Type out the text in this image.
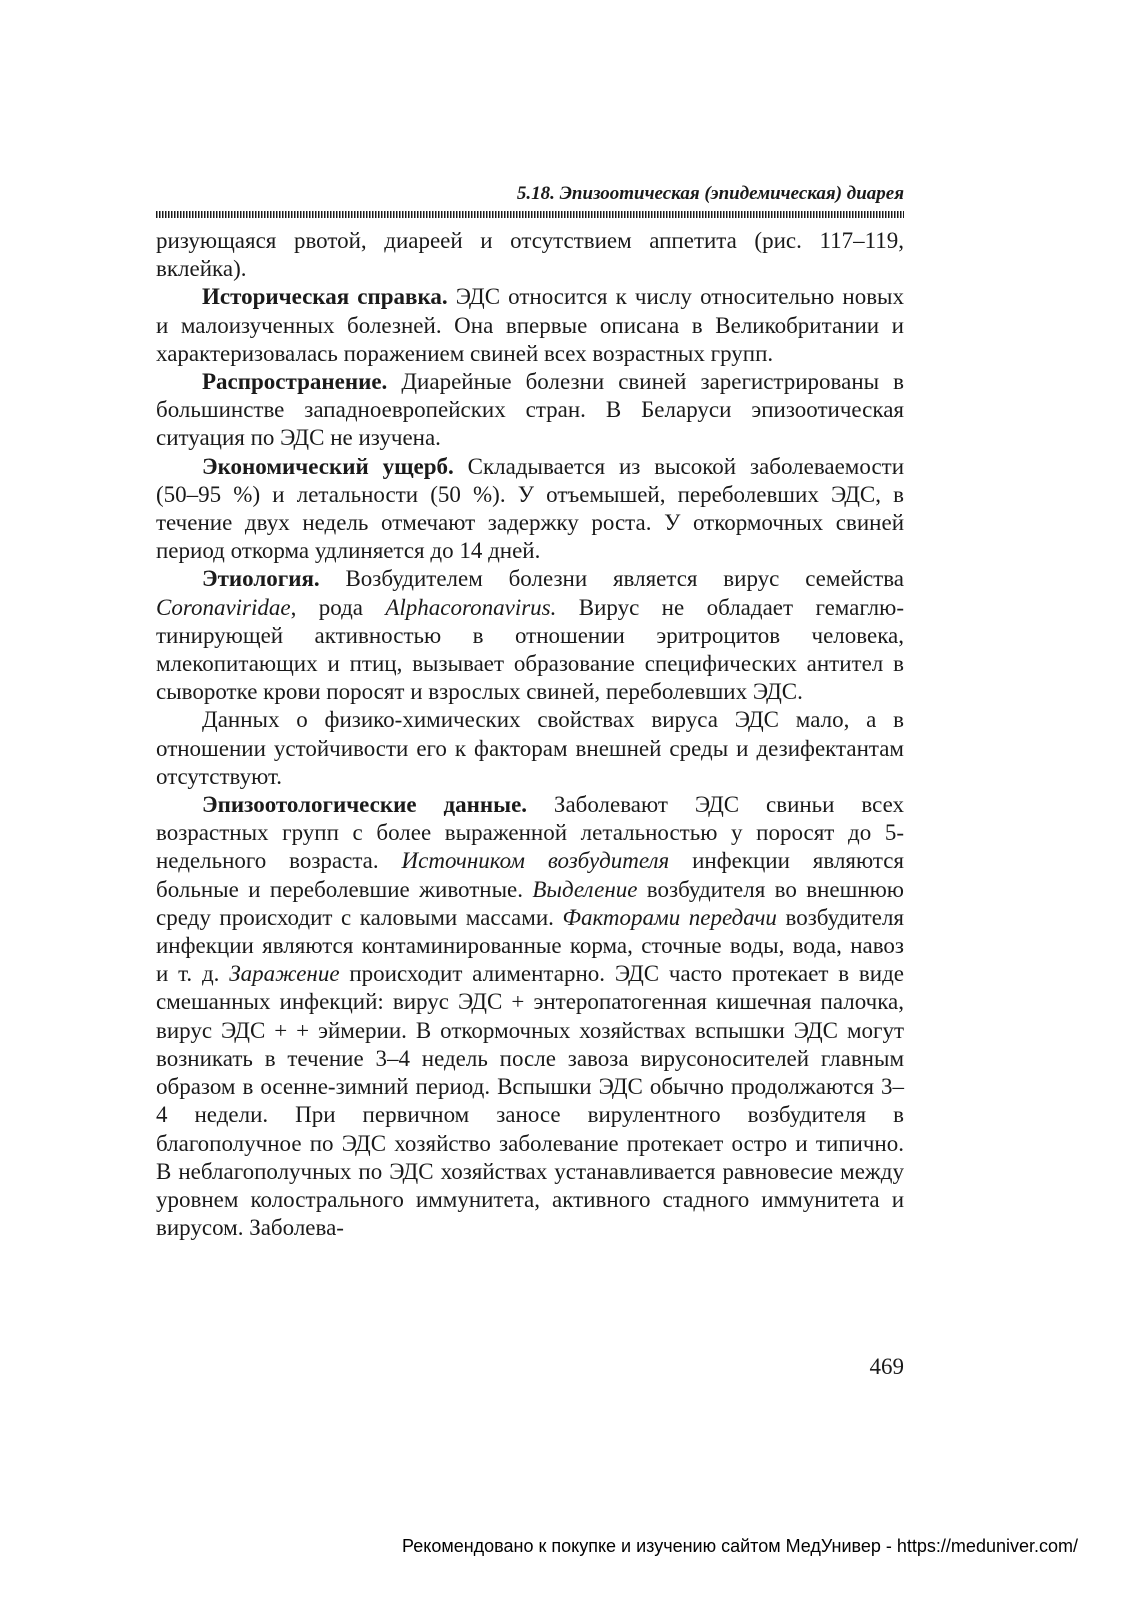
5.18. Эпизоотическая (эпидемическая) диарея

ризующаяся рвотой, диареей и отсутствием аппетита (рис. 117–119, вклейка).

Историческая справка. ЭДС относится к числу относительно новых и малоизученных болезней. Она впервые описана в Великобритании и характеризовалась поражением свиней всех возрастных групп.

Распространение. Диарейные болезни свиней зарегистрированы в большинстве западноевропейских стран. В Беларуси эпизоотическая ситуация по ЭДС не изучена.

Экономический ущерб. Складывается из высокой заболеваемости (50–95 %) и летальности (50 %). У отъемышей, переболевших ЭДС, в течение двух недель отмечают задержку роста. У откормочных свиней период откорма удлиняется до 14 дней.

Этиология. Возбудителем болезни является вирус семейства Coronaviridae, рода Alphacoronavirus. Вирус не обладает гемаглютинирующей активностью в отношении эритроцитов человека, млекопитающих и птиц, вызывает образование специфических антител в сыворотке крови поросят и взрослых свиней, переболевших ЭДС.

Данных о физико-химических свойствах вируса ЭДС мало, а в отношении устойчивости его к факторам внешней среды и дезифектантам отсутствуют.

Эпизоотологические данные. Заболевают ЭДС свиньи всех возрастных групп с более выраженной летальностью у поросят до 5-недельного возраста. Источником возбудителя инфекции являются больные и переболевшие животные. Выделение возбудителя во внешнюю среду происходит с каловыми массами. Факторами передачи возбудителя инфекции являются контаминированные корма, сточные воды, вода, навоз и т. д. Заражение происходит алиментарно. ЭДС часто протекает в виде смешанных инфекций: вирус ЭДС + энтеропатогенная кишечная палочка, вирус ЭДС + + эймерии. В откормочных хозяйствах вспышки ЭДС могут возникать в течение 3–4 недель после завоза вирусоносителей главным образом в осенне-зимний период. Вспышки ЭДС обычно продолжаются 3–4 недели. При первичном заносе вирулентного возбудителя в благополучное по ЭДС хозяйство заболевание протекает остро и типично. В неблагополучных по ЭДС хозяйствах устанавливается равновесие между уровнем колострального иммунитета, активного стадного иммунитета и вирусом. Заболева-

469
Рекомендовано к покупке и изучению сайтом МедУнивер - https://meduniver.com/
